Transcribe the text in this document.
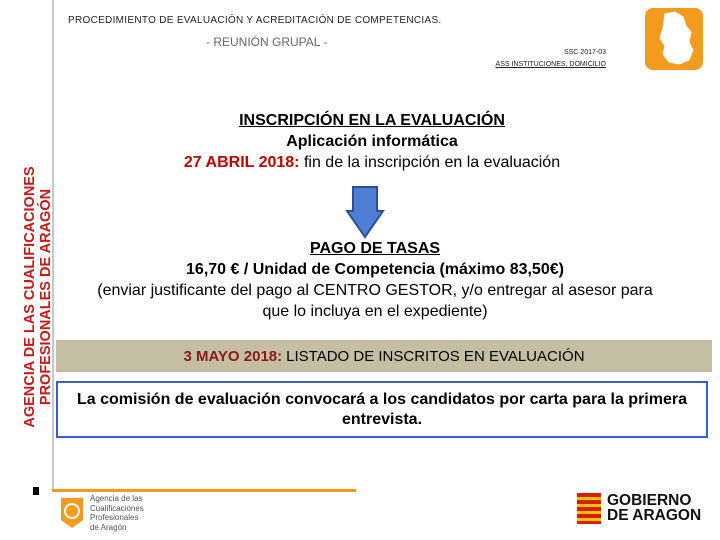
PROCEDIMIENTO DE EVALUACIÓN Y ACREDITACIÓN DE COMPETENCIAS.
- REUNIÓN GRUPAL -
SSC 2017-03
ASS INSTITUCIONES, DOMICILIO
AGENCIA DE LAS CUALIFICACIONES PROFESIONALES DE ARAGÓN
INSCRIPCIÓN EN LA EVALUACIÓN
Aplicación informática
27 ABRIL 2018: fin de la inscripción en la evaluación
PAGO DE TASAS
16,70 € / Unidad de Competencia (máximo 83,50€)
(enviar justificante del pago al CENTRO GESTOR, y/o entregar al asesor para
que lo incluya en el expediente)
3 MAYO 2018: LISTADO DE INSCRITOS EN EVALUACIÓN
La comisión de evaluación convocará a los candidatos por carta para la primera entrevista.
Agencia de las
Cualificaciones
Profesionales
de Aragón
GOBIERNO
DE ARAGON
